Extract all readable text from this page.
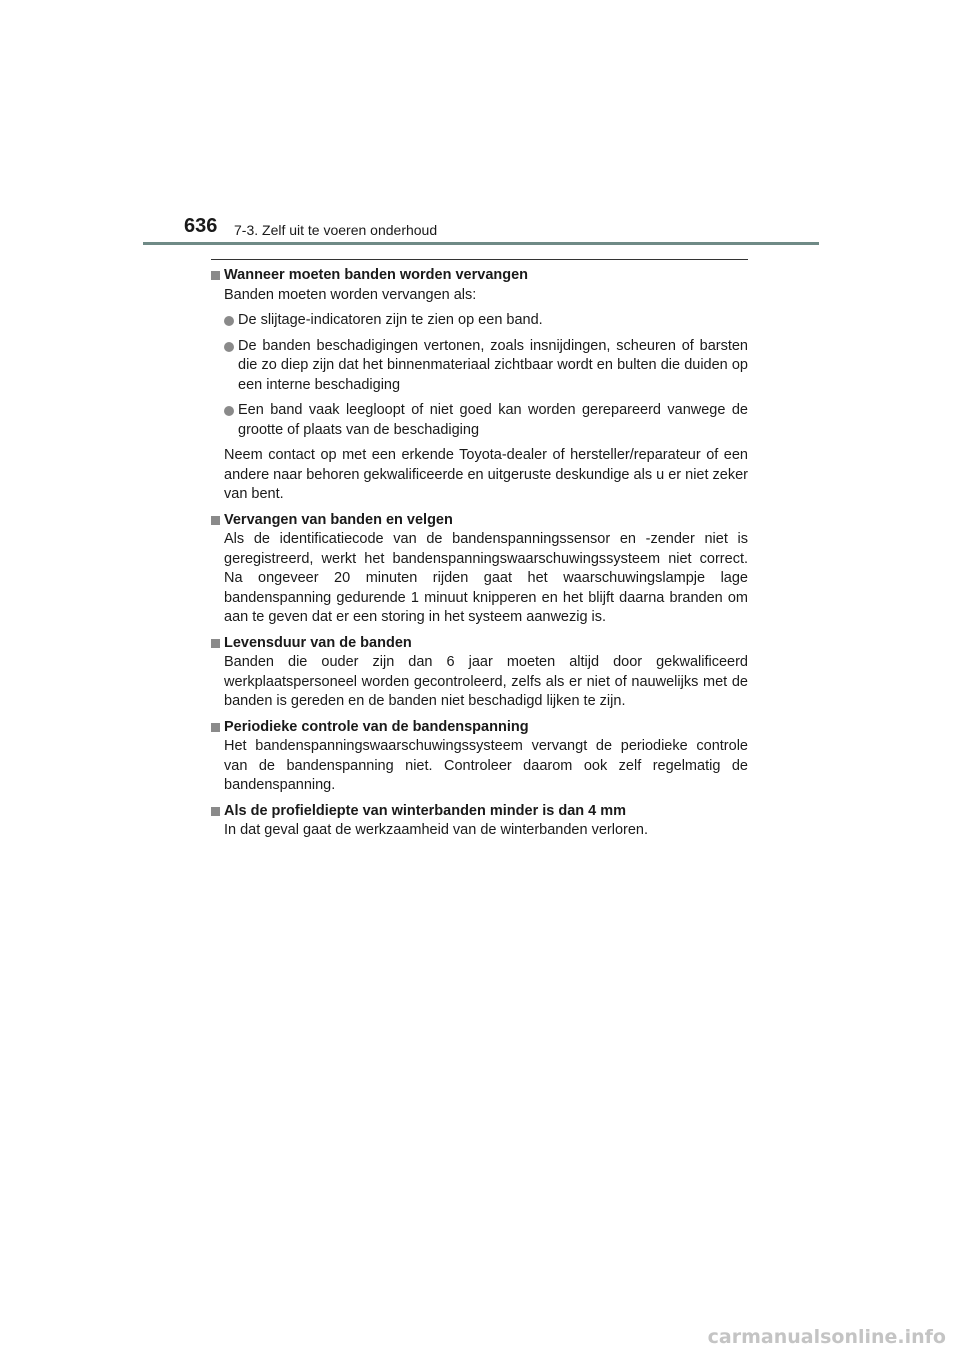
636 7-3. Zelf uit te voeren onderhoud
Wanneer moeten banden worden vervangen
Banden moeten worden vervangen als:
De slijtage-indicatoren zijn te zien op een band.
De banden beschadigingen vertonen, zoals insnijdingen, scheuren of barsten die zo diep zijn dat het binnenmateriaal zichtbaar wordt en bulten die duiden op een interne beschadiging
Een band vaak leegloopt of niet goed kan worden gerepareerd vanwege de grootte of plaats van de beschadiging
Neem contact op met een erkende Toyota-dealer of hersteller/reparateur of een andere naar behoren gekwalificeerde en uitgeruste deskundige als u er niet zeker van bent.
Vervangen van banden en velgen
Als de identificatiecode van de bandenspanningssensor en -zender niet is geregistreerd, werkt het bandenspanningswaarschuwingssysteem niet correct. Na ongeveer 20 minuten rijden gaat het waarschuwingslampje lage bandenspanning gedurende 1 minuut knipperen en het blijft daarna branden om aan te geven dat er een storing in het systeem aanwezig is.
Levensduur van de banden
Banden die ouder zijn dan 6 jaar moeten altijd door gekwalificeerd werkplaatspersoneel worden gecontroleerd, zelfs als er niet of nauwelijks met de banden is gereden en de banden niet beschadigd lijken te zijn.
Periodieke controle van de bandenspanning
Het bandenspanningswaarschuwingssysteem vervangt de periodieke controle van de bandenspanning niet. Controleer daarom ook zelf regelmatig de bandenspanning.
Als de profieldiepte van winterbanden minder is dan 4 mm
In dat geval gaat de werkzaamheid van de winterbanden verloren.
carmanualsonline.info
